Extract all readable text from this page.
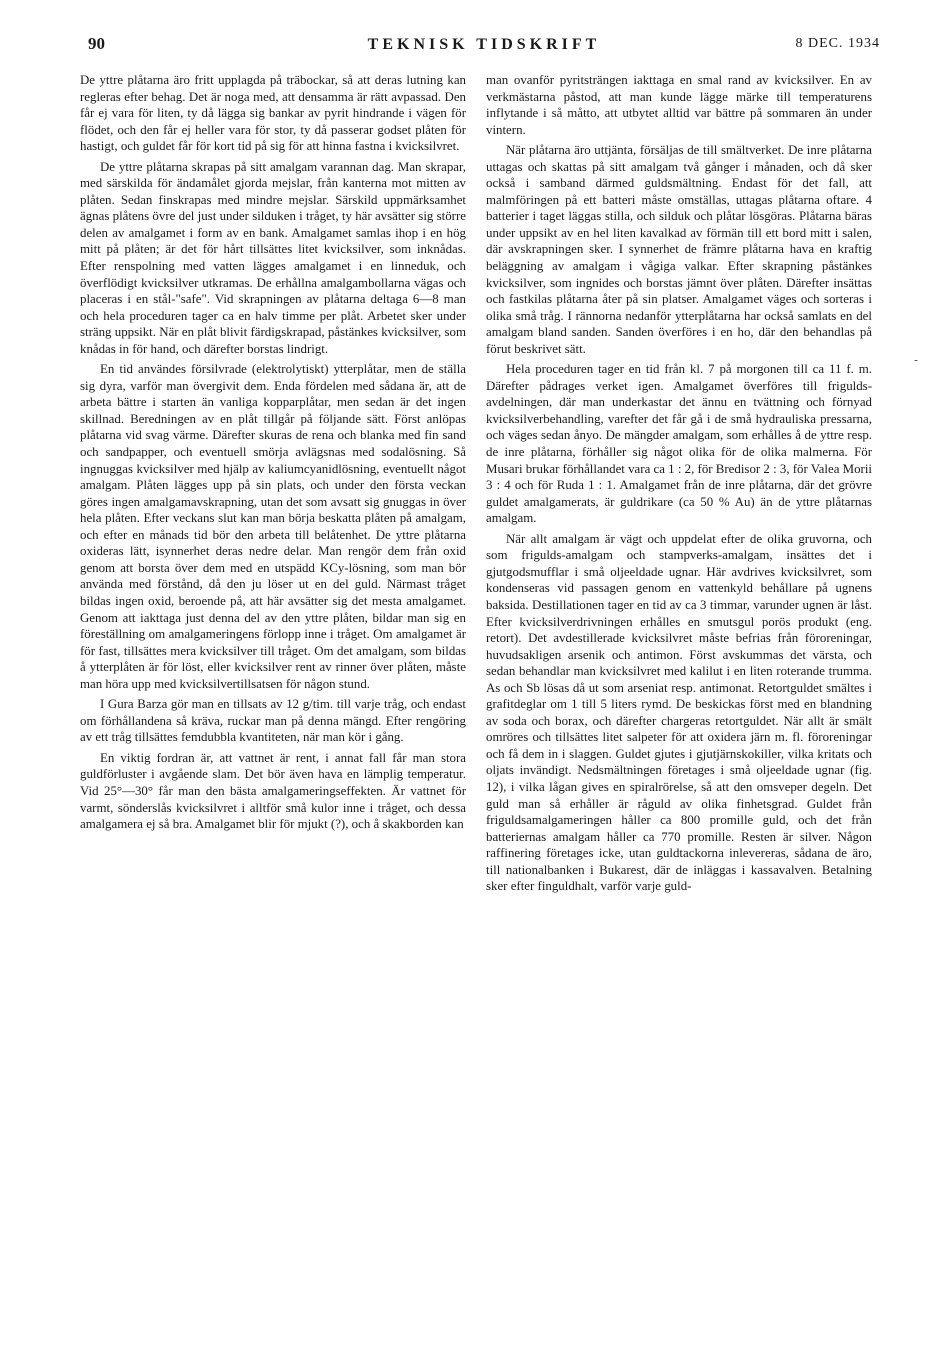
90	TEKNISK TIDSKRIFT	8 DEC. 1934

De yttre plåtarna äro fritt upplagda på träbockar, så att deras lutning kan regleras efter behag. Det är noga med, att densamma är rätt avpassad. Den får ej vara för liten, ty då lägga sig bankar av pyrit hindrande i vägen för flödet, och den får ej heller vara för stor, ty då passerar godset plåten för hastigt, och guldet får för kort tid på sig för att hinna fastna i kvicksilvret.

De yttre plåtarna skrapas på sitt amalgam varannan dag. Man skrapar, med särskilda för ändamålet gjorda mejslar, från kanterna mot mitten av plåten. Sedan finskrapas med mindre mejslar. Särskild uppmärksamhet ägnas plåtens övre del just under silduken i tråget, ty här avsätter sig större delen av amalgamet i form av en bank. Amalgamet samlas ihop i en hög mitt på plåten; är det för hårt tillsättes litet kvicksilver, som inknådas. Efter renspolning med vatten lägges amalgamet i en linneduk, och överflödigt kvicksilver utkramas. De erhållna amalgambollarna vägas och placeras i en stål-"safe". Vid skrapningen av plåtarna deltaga 6—8 man och hela proceduren tager ca en halv timme per plåt. Arbetet sker under sträng uppsikt. När en plåt blivit färdigskrapad, påstänkes kvicksilver, som knådas in för hand, och därefter borstas lindrigt.

En tid användes försilvrade (elektrolytiskt) ytterplåtar, men de ställa sig dyra, varför man övergivit dem. Enda fördelen med sådana är, att de arbeta bättre i starten än vanliga kopparplåtar, men sedan är det ingen skillnad. Beredningen av en plåt tillgår på följande sätt. Först anlöpas plåtarna vid svag värme. Därefter skuras de rena och blanka med fin sand och sandpapper, och eventuell smörja avlägsnas med sodalösning. Så ingnuggas kvicksilver med hjälp av kaliumcyanidlösning, eventuellt något amalgam. Plåten lägges upp på sin plats, och under den första veckan göres ingen amalgamavskrapning, utan det som avsatt sig gnuggas in över hela plåten. Efter veckans slut kan man börja beskatta plåten på amalgam, och efter en månads tid bör den arbeta till belåtenhet. De yttre plåtarna oxideras lätt, isynnerhet deras nedre delar. Man rengör dem från oxid genom att borsta över dem med en utspädd KCy-lösning, som man bör använda med förstånd, då den ju löser ut en del guld. Närmast tråget bildas ingen oxid, beroende på, att här avsätter sig det mesta amalgamet. Genom att iakttaga just denna del av den yttre plåten, bildar man sig en föreställning om amalgameringens förlopp inne i tråget. Om amalgamet är för fast, tillsättes mera kvicksilver till tråget. Om det amalgam, som bildas å ytterplåten är för löst, eller kvicksilver rent av rinner över plåten, måste man höra upp med kvicksilvertillsatsen för någon stund.

I Gura Barza gör man en tillsats av 12 g/tim. till varje tråg, och endast om förhållandena så kräva, ruckar man på denna mängd. Efter rengöring av ett tråg tillsättes femdubbla kvantiteten, när man kör i gång.

En viktig fordran är, att vattnet är rent, i annat fall får man stora guldförluster i avgående slam. Det bör även hava en lämplig temperatur. Vid 25°—30° får man den bästa amalgameringseffekten. Är vattnet för varmt, sönderslås kvicksilvret i alltför små kulor inne i tråget, och dessa amalgamera ej så bra. Amalgamet blir för mjukt (?), och å skakborden kan

man ovanför pyritsträngen iakttaga en smal rand av kvicksilver. En av verkmästarna påstod, att man kunde lägge märke till temperaturens inflytande i så måtto, att utbytet alltid var bättre på sommaren än under vintern.

När plåtarna äro uttjänta, försäljas de till smältverket. De inre plåtarna uttagas och skattas på sitt amalgam två gånger i månaden, och då sker också i samband därmed guldsmältning. Endast för det fall, att malmföringen på ett batteri måste omställas, uttagas plåtarna oftare. 4 batterier i taget läggas stilla, och silduk och plåtar lösgöras. Plåtarna bäras under uppsikt av en hel liten kavalkad av förmän till ett bord mitt i salen, där avskrapningen sker. I synnerhet de främre plåtarna hava en kraftig beläggning av amalgam i vågiga valkar. Efter skrapning påstänkes kvicksilver, som ingnides och borstas jämnt över plåten. Därefter insättas och fastkilas plåtarna åter på sin platser. Amalgamet väges och sorteras i olika små tråg. I rännorna nedanför ytterplåtarna har också samlats en del amalgam bland sanden. Sanden överföres i en ho, där den behandlas på förut beskrivet sätt.

Hela proceduren tager en tid från kl. 7 på morgonen till ca 11 f. m. Därefter pådrages verket igen. Amalgamet överföres till frigulds-avdelningen, där man underkastar det ännu en tvättning och förnyad kvicksilverbehandling, varefter det får gå i de små hydrauliska pressarna, och väges sedan ånyo. De mängder amalgam, som erhålles å de yttre resp. de inre plåtarna, förhåller sig något olika för de olika malmerna. För Musari brukar förhållandet vara ca 1 : 2, för Bredisor 2 : 3, för Valea Morii 3 : 4 och för Ruda 1 : 1. Amalgamet från de inre plåtarna, där det grövre guldet amalgamerats, är guldrikare (ca 50 % Au) än de yttre plåtarnas amalgam.

När allt amalgam är vägt och uppdelat efter de olika gruvorna, och som frigulds-amalgam och stampverks-amalgam, insättes det i gjutgodsmufflar i små oljeeldade ugnar. Här avdrives kvicksilvret, som kondenseras vid passagen genom en vattenkyld behållare på ugnens baksida. Destillationen tager en tid av ca 3 timmar, varunder ugnen är låst. Efter kvicksilverdrivningen erhålles en smutsgul porös produkt (eng. retort). Det avdestillerade kvicksilvret måste befrias från föroreningar, huvudsakligen arsenik och antimon. Först avskummas det värsta, och sedan behandlar man kvicksilvret med kalilut i en liten roterande trumma. As och Sb lösas då ut som arseniat resp. antimonat. Retortguldet smältes i grafitdeglar om 1 till 5 liters rymd. De beskickas först med en blandning av soda och borax, och därefter chargeras retortguldet. När allt är smält omröres och tillsättes litet salpeter för att oxidera järn m. fl. föroreningar och få dem in i slaggen. Guldet gjutes i gjutjärnskokiller, vilka kritats och oljats invändigt. Nedsmältningen företages i små oljeeldade ugnar (fig. 12), i vilka lågan gives en spiralrörelse, så att den omsveper degeln. Det guld man så erhåller är råguld av olika finhetsgrad. Guldet från friguldsamalgameringen håller ca 800 promille guld, och det från batteriernas amalgam håller ca 770 promille. Resten är silver. Någon raffinering företages icke, utan guldtackorna inlevereras, sådana de äro, till nationalbanken i Bukarest, där de inläggas i kassavalven. Betalning sker efter finguldhalt, varför varje guld-

-
